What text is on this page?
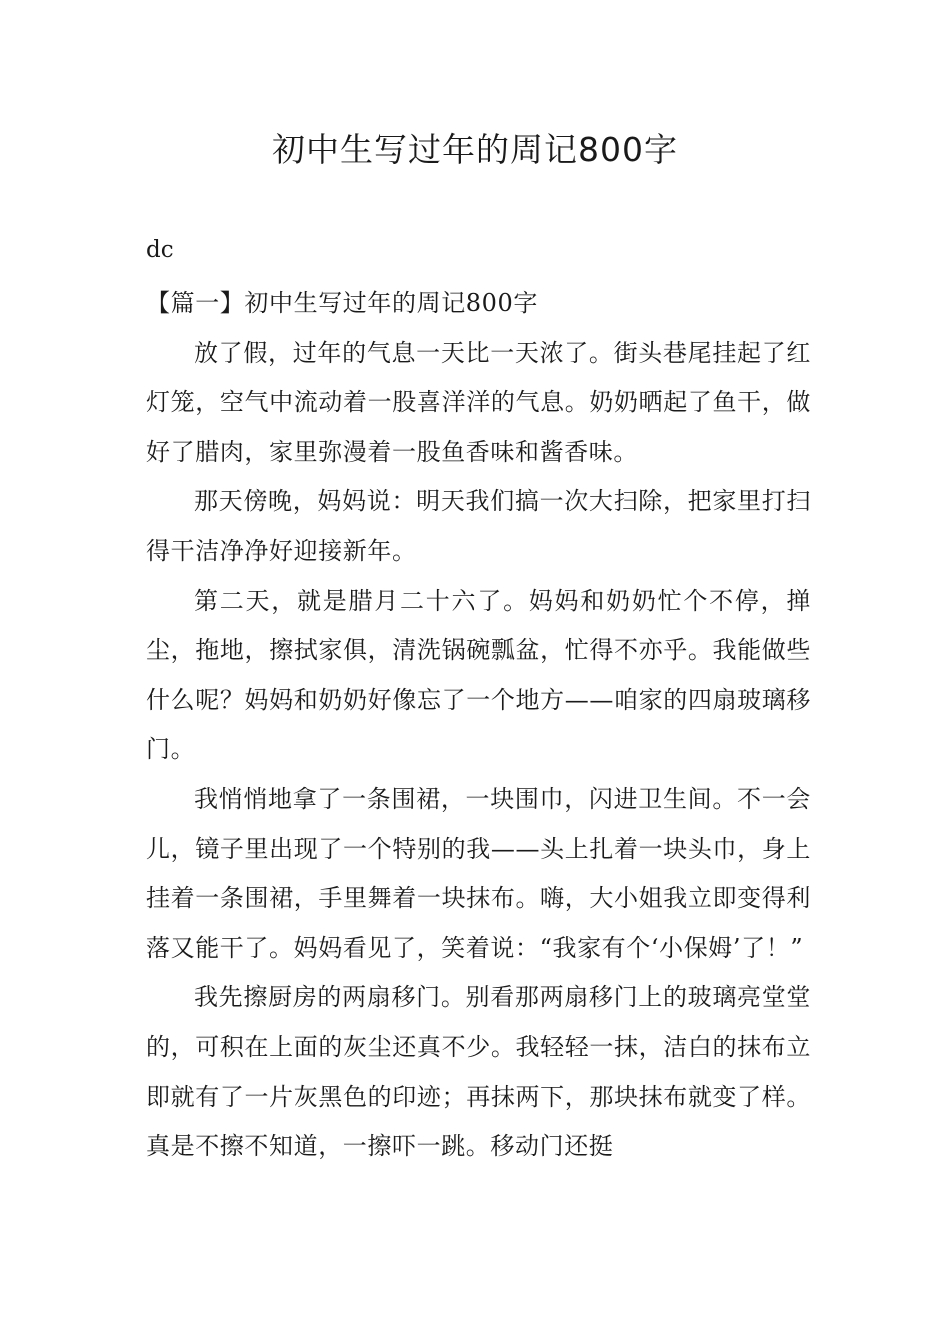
初中生写过年的周记800字
dc

【篇一】初中生写过年的周记800字

放了假，过年的气息一天比一天浓了。街头巷尾挂起了红灯笼，空气中流动着一股喜洋洋的气息。奶奶晒起了鱼干，做好了腊肉，家里弥漫着一股鱼香味和酱香味。

那天傍晚，妈妈说：明天我们搞一次大扫除，把家里打扫得干洁净净好迎接新年。

第二天，就是腊月二十六了。妈妈和奶奶忙个不停，掸尘，拖地，擦拭家俱，清洗锅碗瓢盆，忙得不亦乎。我能做些什么呢？妈妈和奶奶好像忘了一个地方——咱家的四扇玻璃移门。

我悄悄地拿了一条围裙，一块围巾，闪进卫生间。不一会儿，镜子里出现了一个特别的我——头上扎着一块头巾，身上挂着一条围裙，手里舞着一块抹布。嗨，大小姐我立即变得利落又能干了。妈妈看见了，笑着说：“我家有个‘小保姆’了！”

我先擦厨房的两扇移门。别看那两扇移门上的玻璃亮堂堂的，可积在上面的灰尘还真不少。我轻轻一抹，洁白的抹布立即就有了一片灰黑色的印迹；再抹两下，那块抹布就变了样。真是不擦不知道，一擦吓一跳。移动门还挺
